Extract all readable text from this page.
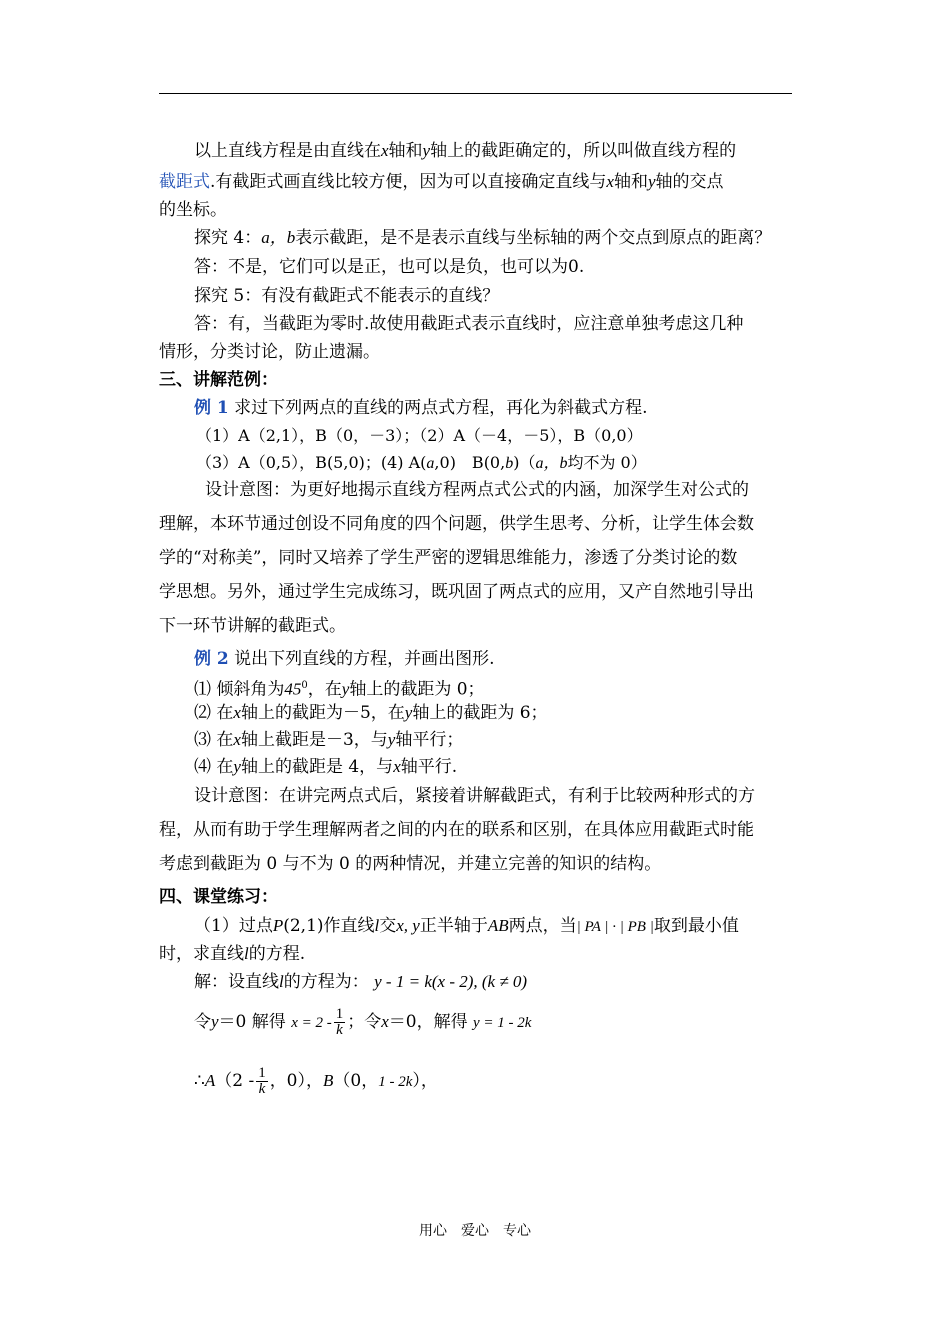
以上直线方程是由直线在x轴和y轴上的截距确定的，所以叫做直线方程的
截距式.有截距式画直线比较方便，因为可以直接确定直线与x轴和y轴的交点
的坐标。
探究 4：a，b表示截距，是不是表示直线与坐标轴的两个交点到原点的距离？
答：不是，它们可以是正，也可以是负，也可以为0.
探究 5：有没有截距式不能表示的直线？
答：有，当截距为零时.故使用截距式表示直线时，应注意单独考虑这几种
情形，分类讨论，防止遗漏。
三、讲解范例：
例 1 求过下列两点的直线的两点式方程，再化为斜截式方程.
（1）A（2,1），B（0，－3）；（2）A（－4，－5），B（0,0）
（3）A（0,5），B(5,0)；(4) A(a,0)　B(0,b)（a，b均不为 0）
设计意图：为更好地揭示直线方程两点式公式的内涵，加深学生对公式的
理解，本环节通过创设不同角度的四个问题，供学生思考、分析，让学生体会数
学的“对称美”，同时又培养了学生严密的逻辑思维能力，渗透了分类讨论的数
学思想。另外，通过学生完成练习，既巩固了两点式的应用，又产自然地引导出
下一环节讲解的截距式。
例 2 说出下列直线的方程，并画出图形.
⑴ 倾斜角为$45^0$，在y轴上的截距为 0；
⑵ 在x轴上的截距为－5，在y轴上的截距为 6；
⑶ 在x轴上截距是－3，与y轴平行；
⑷ 在y轴上的截距是 4，与x轴平行.
设计意图：在讲完两点式后，紧接着讲解截距式，有利于比较两种形式的方
程，从而有助于学生理解两者之间的内在的联系和区别，在具体应用截距式时能
考虑到截距为 0 与不为 0 的两种情况，并建立完善的知识的结构。
四、课堂练习：
（1）过点P(2,1)作直线l交x, y正半轴于AB两点，当| PA | · | PB |取到最小值
时，求直线l的方程.
解：设直线l的方程为： y - 1 = k(x - 2), (k ≠ 0)
令y＝0 解得 $x = 2 - \frac{1}{k}$ ；令x＝0，解得 y = 1 - 2k
∴A（2 - $\frac{1}{k}$ ，0），B（0，1 - 2k），
用心　爱心　专心
